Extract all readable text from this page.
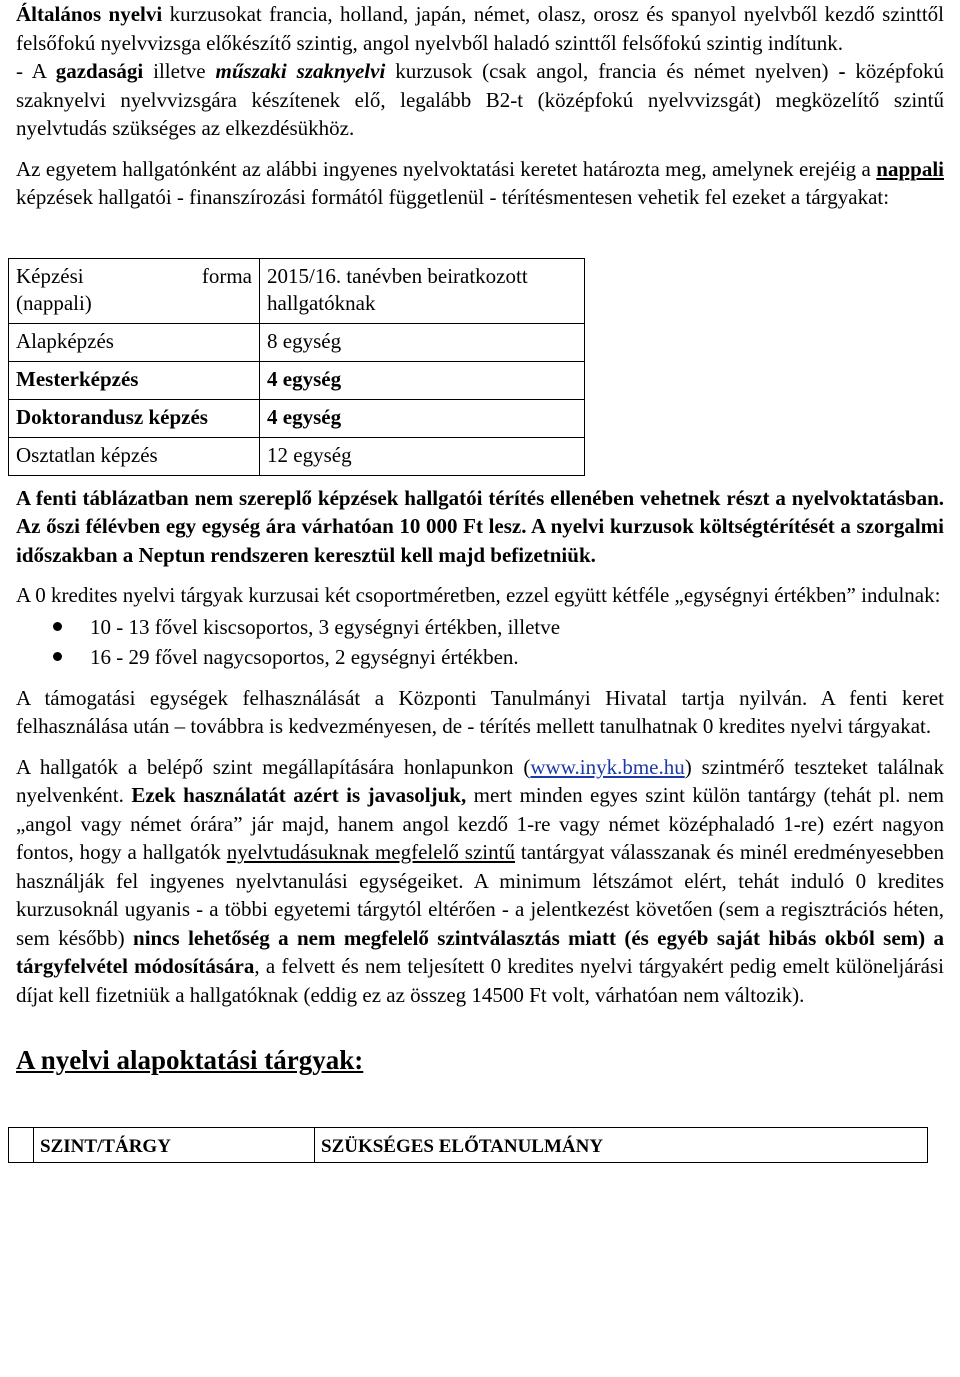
Általános nyelvi kurzusokat francia, holland, japán, német, olasz, orosz és spanyol nyelvből kezdő szinttől felsőfokú nyelvvizsga előkészítő szintig, angol nyelvből haladó szinttől felsőfokú szintig indítunk.

- A gazdasági illetve műszaki szaknyelvi kurzusok (csak angol, francia és német nyelven) - középfokú szaknyelvi nyelvvizsgára készítenek elő, legalább B2-t (középfokú nyelvvizsgát) megközelítő szintű nyelvtudás szükséges az elkezdésükhöz.

Az egyetem hallgatónként az alábbi ingyenes nyelvoktatási keretet határozta meg, amelynek erejéig a nappali képzések hallgatói - finanszírozási formától függetlenül - térítésmentesen vehetik fel ezeket a tárgyakat:

Képzési forma
(nappali)	2015/16. tanévben beiratkozott hallgatóknak
Alapképzés	8 egység
Mesterképzés	4 egység
Doktorandusz képzés	4 egység
Osztatlan képzés	12 egység

A fenti táblázatban nem szereplő képzések hallgatói térítés ellenében vehetnek részt a nyelvoktatásban. Az őszi félévben egy egység ára várhatóan 10 000 Ft lesz. A nyelvi kurzusok költségtérítését a szorgalmi időszakban a Neptun rendszeren keresztül kell majd befizetniük.

A 0 kredites nyelvi tárgyak kurzusai két csoportméretben, ezzel együtt kétféle „egységnyi értékben” indulnak:

10 - 13 fővel kiscsoportos, 3 egységnyi értékben, illetve
16 - 29 fővel nagycsoportos, 2 egységnyi értékben.

A támogatási egységek felhasználását a Központi Tanulmányi Hivatal tartja nyilván. A fenti keret felhasználása után – továbbra is kedvezményesen, de - térítés mellett tanulhatnak 0 kredites nyelvi tárgyakat.

A hallgatók a belépő szint megállapítására honlapunkon (www.inyk.bme.hu) szintmérő teszteket találnak nyelvenként. Ezek használatát azért is javasoljuk, mert minden egyes szint külön tantárgy (tehát pl. nem „angol vagy német órára” jár majd, hanem angol kezdő 1-re vagy német középhaladó 1-re) ezért nagyon fontos, hogy a hallgatók nyelvtudásuknak megfelelő szintű tantárgyat válasszanak és minél eredményesebben használják fel ingyenes nyelvtanulási egységeiket. A minimum létszámot elért, tehát induló 0 kredites kurzusoknál ugyanis - a többi egyetemi tárgytól eltérően - a jelentkezést követően (sem a regisztrációs héten, sem később) nincs lehetőség a nem megfelelő szintválasztás miatt (és egyéb saját hibás okból sem) a tárgyfelvétel módosítására, a felvett és nem teljesített 0 kredites nyelvi tárgyakért pedig emelt különeljárási díjat kell fizetniük a hallgatóknak (eddig ez az összeg 14500 Ft volt, várhatóan nem változik).

A nyelvi alapoktatási tárgyak:
	SZINT/TÁRGY	SZÜKSÉGES ELŐTANULMÁNY
